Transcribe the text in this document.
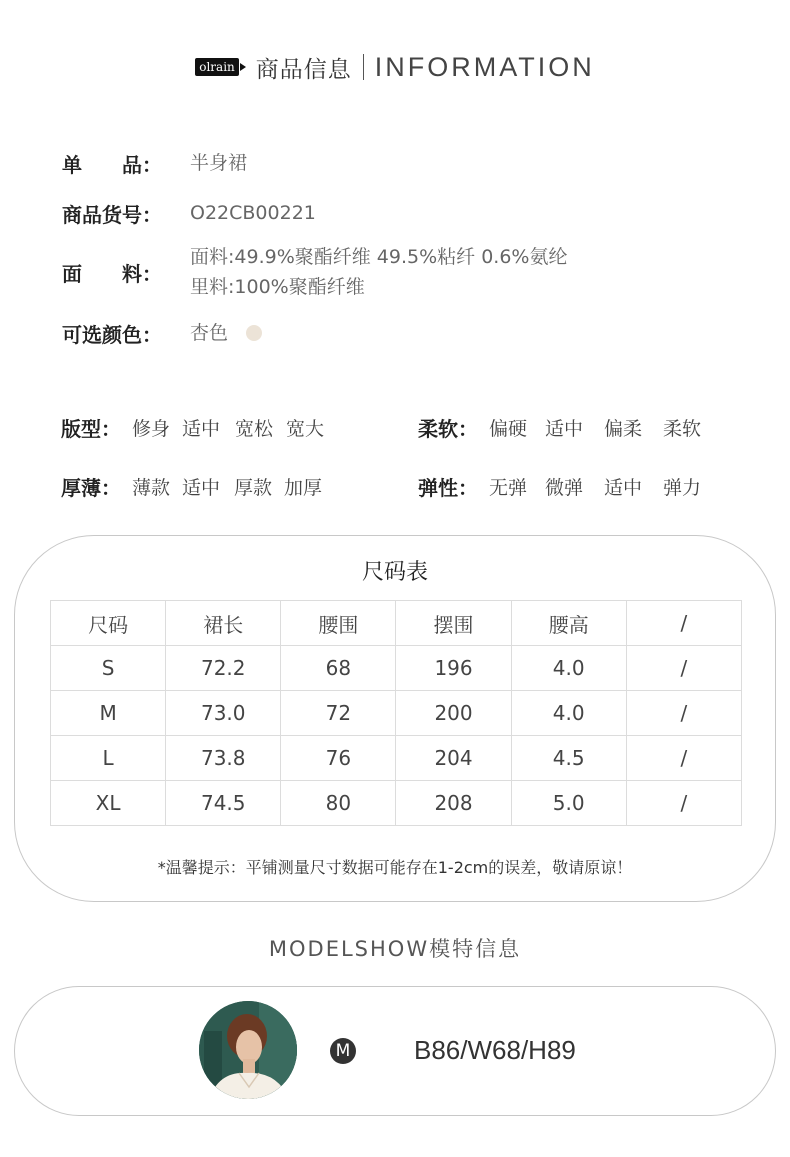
olrain 商品信息 INFORMATION
单　　品：	半身裙
商品货号：	O22CB00221
面　　料：
面料:49.9%聚酯纤维 49.5%粘纤 0.6%氨纶
里料:100%聚酯纤维
可选颜色：	杏色
版型： 修身 适中 宽松 宽大	柔软： 偏硬 适中	偏柔	柔软
厚薄： 薄款 适中 厚款 加厚	弹性： 无弹 微弹	适中	弹力
尺码表
尺码	裙长	腰围	摆围	腰高	/
S	72.2	68	196	4.0	/
M	73.0	72	200	4.0	/
L	73.8	76	204	4.5	/
XL	74.5	80	208	5.0	/
*温馨提示：平铺测量尺寸数据可能存在1-2cm的误差，敬请原谅！
MODELSHOW模特信息
M B86/W68/H89
